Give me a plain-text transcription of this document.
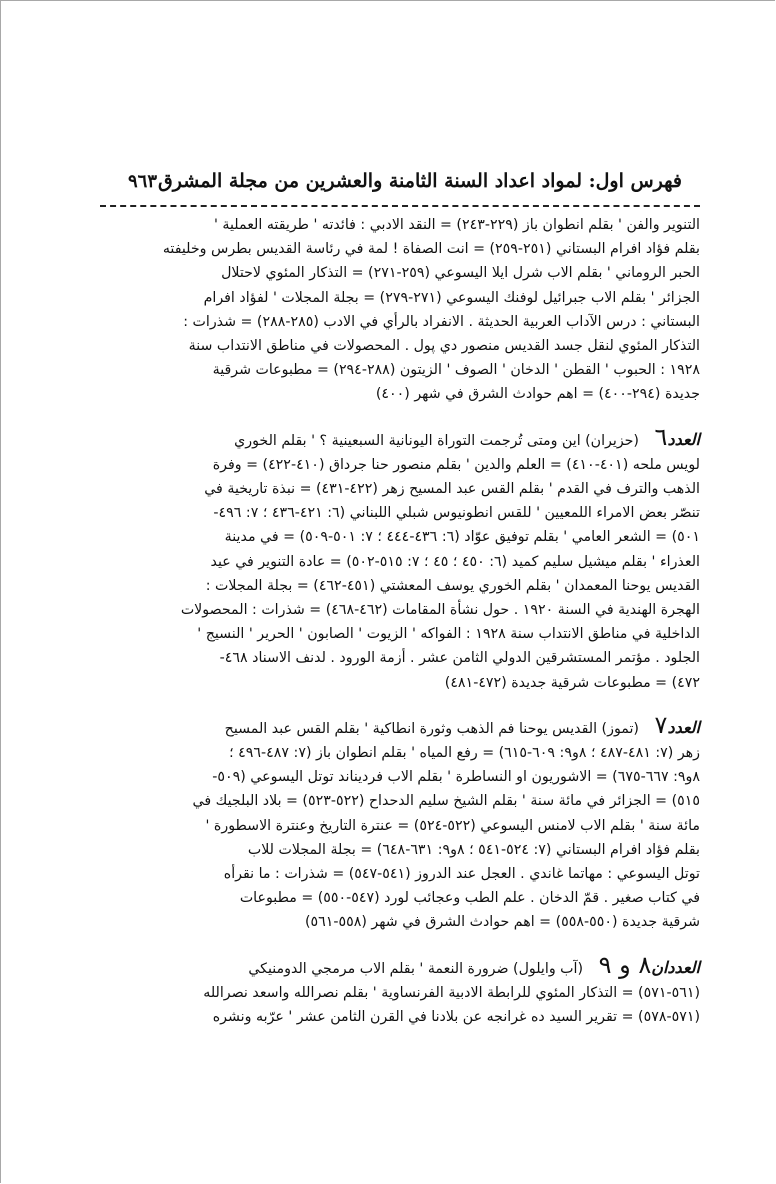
فهرس اول: لمواد اعداد السنة الثامنة والعشرين من مجلة المشرق
٩٦٣

التنوير والفن ' بقلم انطوان باز (٢٢٩-٢٤٣) = النقد الادبي : فائدته ' طريقته العملية '
بقلم فؤاد افرام البستاني (٢٥١-٢٥٩) = انت الصفاة ! لمة في رئاسة القديس بطرس وخليفته
الحبر الروماني ' بقلم الاب شرل ايلا اليسوعي (٢٥٩-٢٧١) = التذكار المئوي لاحتلال
الجزائر ' بقلم الاب جبرائيل لوفنك اليسوعي (٢٧١-٢٧٩) = بجلة المجلات ' لفؤاد افرام
البستاني : درس الآداب العربية الحديثة . الانفراد بالرأي في الادب (٢٨٥-٢٨٨) = شذرات :
التذكار المئوي لنقل جسد القديس منصور دي پول . المحصولات في مناطق الانتداب سنة
١٩٢٨ : الحبوب ' القطن ' الدخان ' الصوف ' الزيتون (٢٨٨-٢٩٤) = مطبوعات شرقية
جديدة (٢٩٤-٤٠٠) = اهم حوادث الشرق في شهر (٤٠٠)

العدد٦ (حزيران) اين ومتى تُرجمت التوراة اليونانية السبعينية ؟ ' بقلم الخوري
لويس ملحه (٤٠١-٤١٠) = العلم والدين ' بقلم منصور حنا جرداق (٤١٠-٤٢٢) = وفرة
الذهب والترف في القدم ' بقلم القس عبد المسيح زهر (٤٢٢-٤٣١) = نبذة تاريخية في
تنصّر بعض الامراء اللمعيين ' للقس انطونيوس شبلي اللبناني (٦: ٤٢١-٤٣٦ ؛ ٧: ٤٩٦-
٥٠١) = الشعر العامي ' بقلم توفيق عوّاد (٦: ٤٣٦-٤٤٤ ؛ ٧: ٥٠١-٥٠٩) = في مدينة
العذراء ' بقلم ميشيل سليم كميد (٦: ٤٥٠ ؛ ٤٥ ؛ ٧: ٥١٥-٥٠٢) = عادة التنوير في عيد
القديس يوحنا المعمدان ' بقلم الخوري يوسف المعشتي (٤٥١-٤٦٢) = بجلة المجلات :
الهجرة الهندية في السنة ١٩٢٠ . حول نشأة المقامات (٤٦٢-٤٦٨) = شذرات : المحصولات
الداخلية في مناطق الانتداب سنة ١٩٢٨ : الفواكه ' الزيوت ' الصابون ' الحرير ' النسيج '
الجلود . مؤتمر المستشرقين الدولي الثامن عشر . أزمة الورود . لدنف الاسناد ٤٦٨-
٤٧٢) = مطبوعات شرقية جديدة (٤٧٢-٤٨١)

العدد٧ (تموز) القديس يوحنا فم الذهب وثورة انطاكية ' بقلم القس عبد المسيح
زهر (٧: ٤٨١-٤٨٧ ؛ ٨و٩: ٦٠٩-٦١٥) = رفع المياه ' بقلم انطوان باز (٧: ٤٨٧-٤٩٦ ؛
٨و٩: ٦٦٧-٦٧٥) = الاشوريون او النساطرة ' بقلم الاب فرديناند توتل اليسوعي (٥٠٩-
٥١٥) = الجزائر في مائة سنة ' بقلم الشيخ سليم الدحداح (٥٢٢-٥٢٣) = بلاد البلجيك في
مائة سنة ' بقلم الاب لامنس اليسوعي (٥٢٢-٥٢٤) = عنترة التاريخ وعنترة الاسطورة '
بقلم فؤاد افرام البستاني (٧: ٥٢٤-٥٤١ ؛ ٨و٩: ٦٣١-٦٤٨) = بجلة المجلات للاب
توتل اليسوعي : مهاتما غاندي . العجل عند الدروز (٥٤١-٥٤٧) = شذرات : ما نقرأه
في كتاب صغير . قمّ الدخان . علم الطب وعجائب لورد (٥٤٧-٥٥٠) = مطبوعات
شرقية جديدة (٥٥٠-٥٥٨) = اهم حوادث الشرق في شهر (٥٥٨-٥٦١)

العددان٨ و ٩ (آب وايلول) ضرورة النعمة ' بقلم الاب مرمجي الدومنيكي
(٥٦١-٥٧١) = التذكار المئوي للرابطة الادبية الفرنساوية ' بقلم نصرالله واسعد نصرالله
(٥٧١-٥٧٨) = تقرير السيد ده غرانجه عن بلادنا في القرن الثامن عشر ' عرّبه ونشره
